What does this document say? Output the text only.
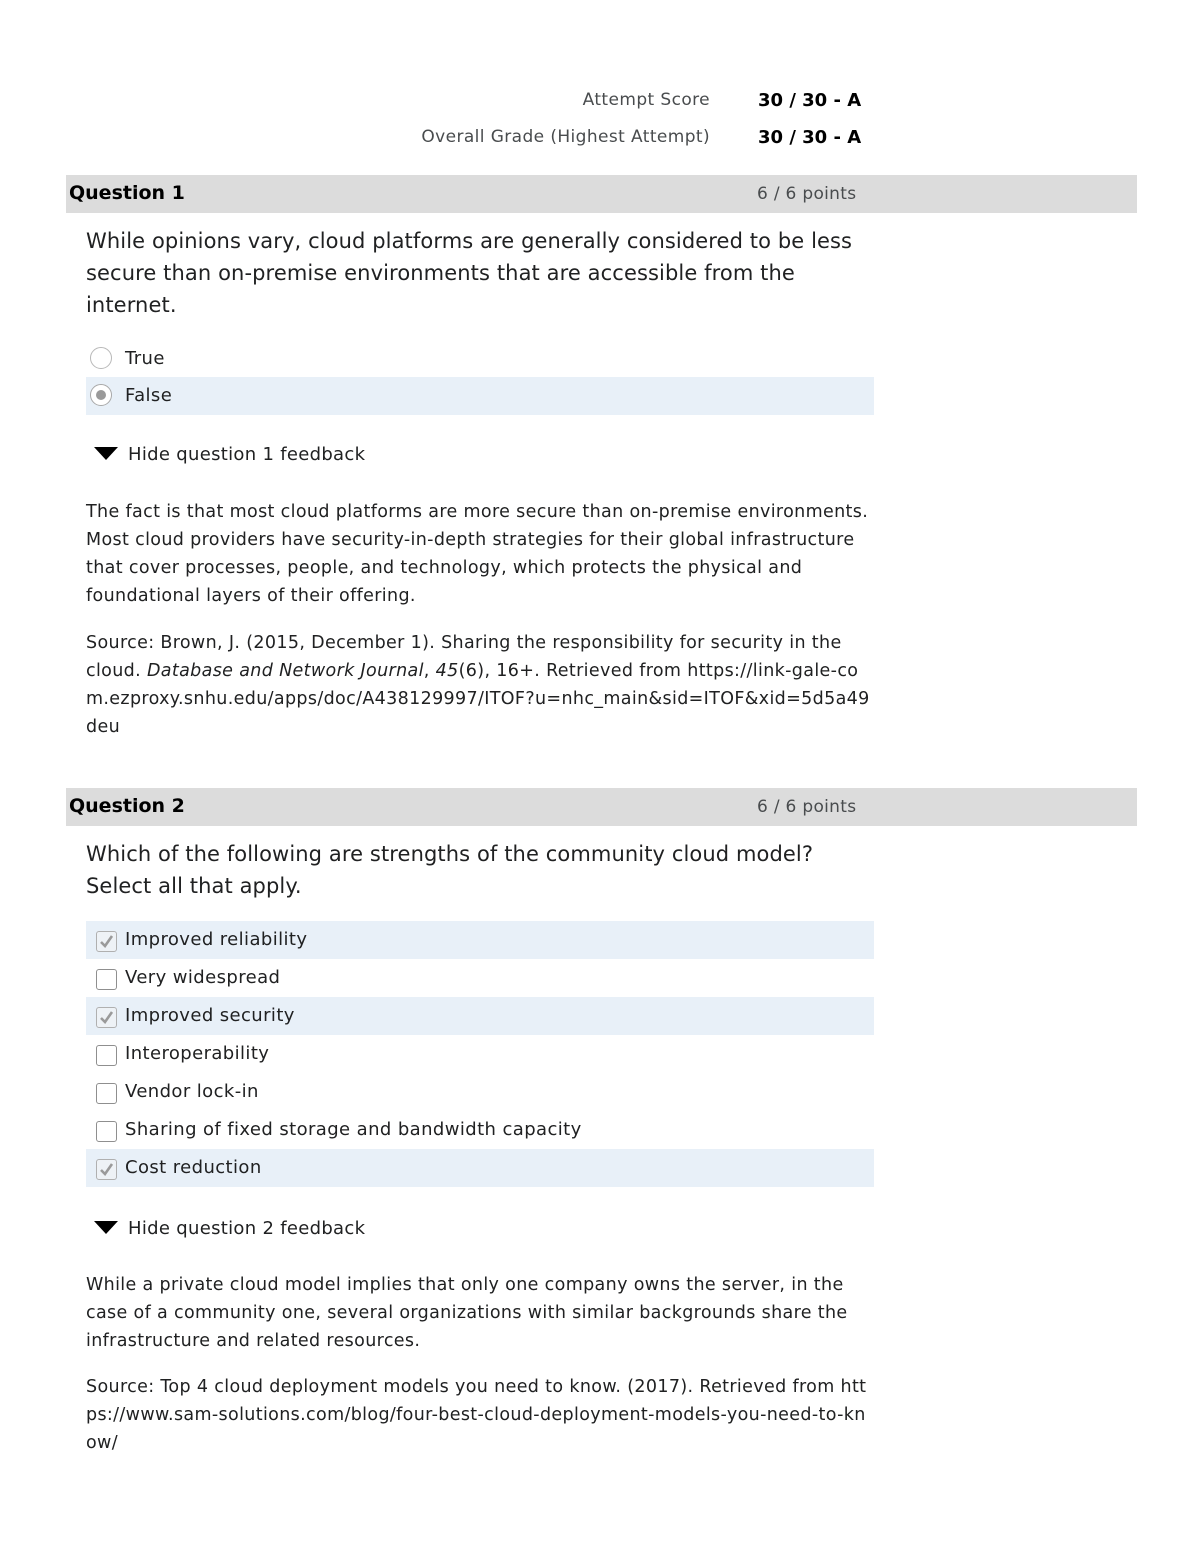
Attempt Score	30 / 30 - A
Overall Grade (Highest Attempt)	30 / 30 - A
Question 1	6 / 6 points
While opinions vary, cloud platforms are generally considered to be less secure than on-premise environments that are accessible from the internet.
True
False
Hide question 1 feedback
The fact is that most cloud platforms are more secure than on-premise environments. Most cloud providers have security-in-depth strategies for their global infrastructure that cover processes, people, and technology, which protects the physical and foundational layers of their offering.
Source: Brown, J. (2015, December 1). Sharing the responsibility for security in the cloud. Database and Network Journal, 45(6), 16+. Retrieved from https://link-gale-com.ezproxy.snhu.edu/apps/doc/A438129997/ITOF?u=nhc_main&sid=ITOF&xid=5d5a49deu
Question 2	6 / 6 points
Which of the following are strengths of the community cloud model? Select all that apply.
Improved reliability
Very widespread
Improved security
Interoperability
Vendor lock-in
Sharing of fixed storage and bandwidth capacity
Cost reduction
Hide question 2 feedback
While a private cloud model implies that only one company owns the server, in the case of a community one, several organizations with similar backgrounds share the infrastructure and related resources.
Source: Top 4 cloud deployment models you need to know. (2017). Retrieved from https://www.sam-solutions.com/blog/four-best-cloud-deployment-models-you-need-to-know/
